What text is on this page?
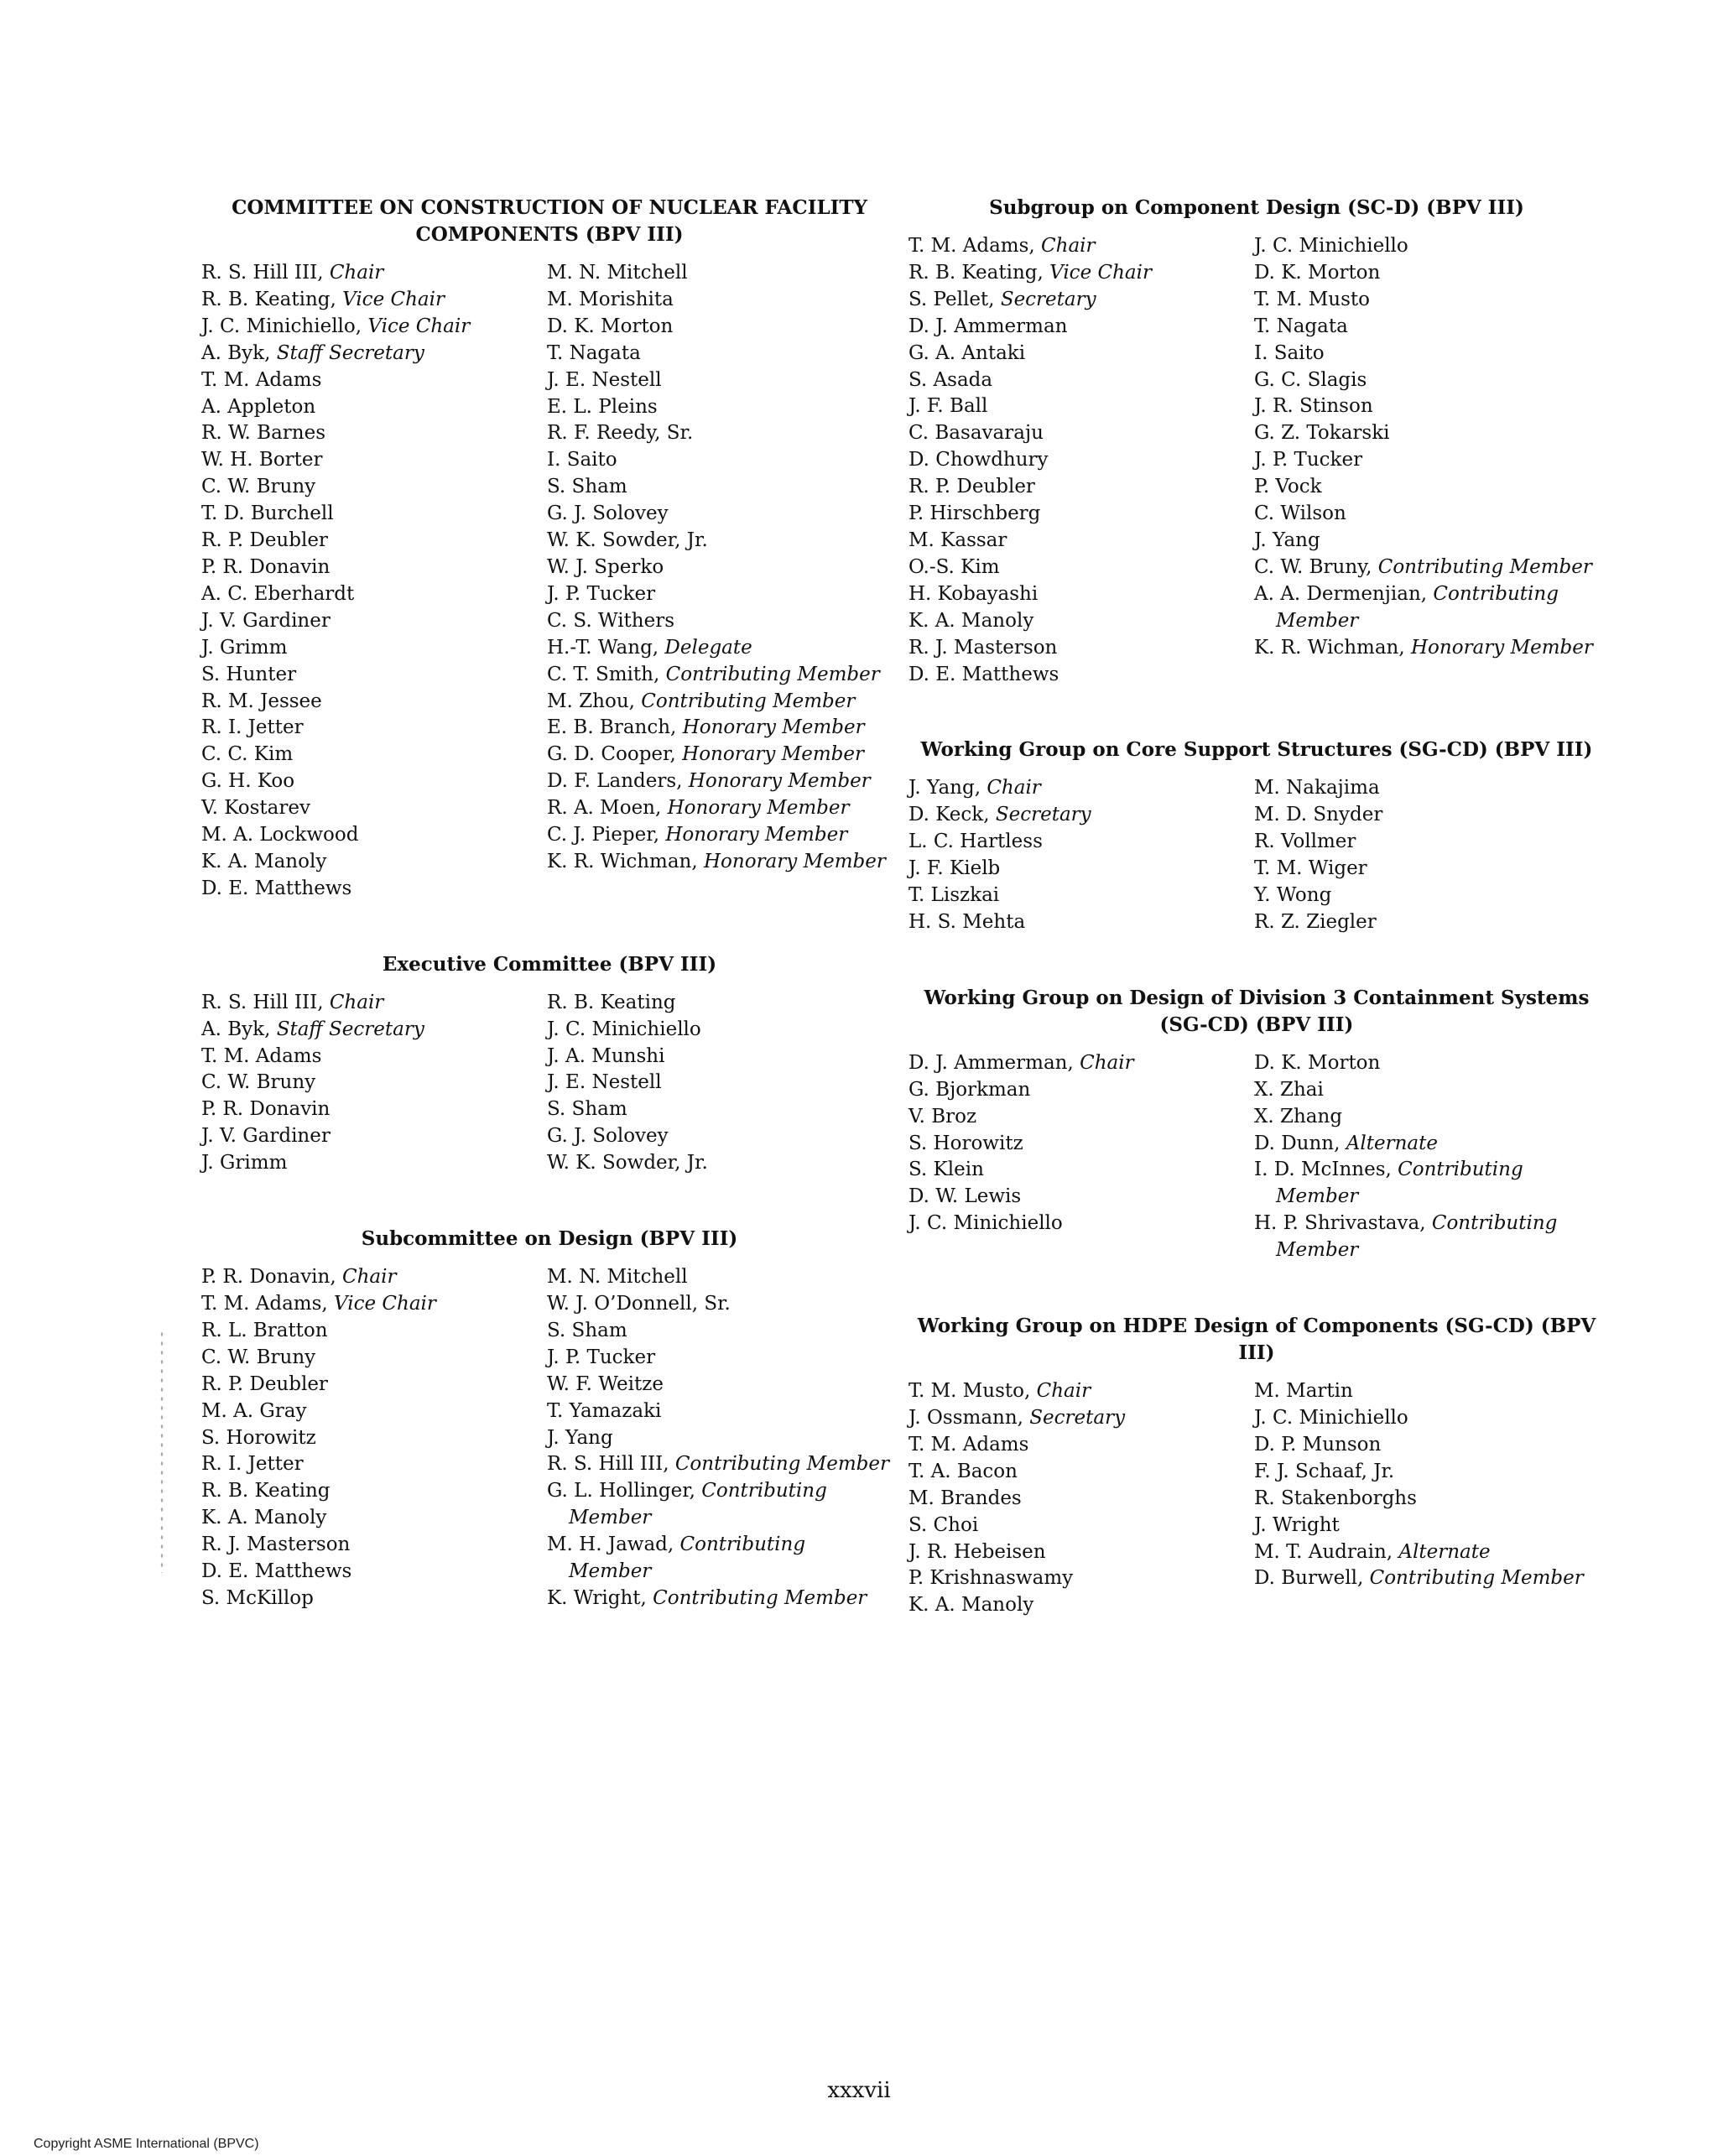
COMMITTEE ON CONSTRUCTION OF NUCLEAR FACILITY COMPONENTS (BPV III)
R. S. Hill III, Chair
R. B. Keating, Vice Chair
J. C. Minichiello, Vice Chair
A. Byk, Staff Secretary
T. M. Adams
A. Appleton
R. W. Barnes
W. H. Borter
C. W. Bruny
T. D. Burchell
R. P. Deubler
P. R. Donavin
A. C. Eberhardt
J. V. Gardiner
J. Grimm
S. Hunter
R. M. Jessee
R. I. Jetter
C. C. Kim
G. H. Koo
V. Kostarev
M. A. Lockwood
K. A. Manoly
D. E. Matthews
M. N. Mitchell
M. Morishita
D. K. Morton
T. Nagata
J. E. Nestell
E. L. Pleins
R. F. Reedy, Sr.
I. Saito
S. Sham
G. J. Solovey
W. K. Sowder, Jr.
W. J. Sperko
J. P. Tucker
C. S. Withers
H.-T. Wang, Delegate
C. T. Smith, Contributing Member
M. Zhou, Contributing Member
E. B. Branch, Honorary Member
G. D. Cooper, Honorary Member
D. F. Landers, Honorary Member
R. A. Moen, Honorary Member
C. J. Pieper, Honorary Member
K. R. Wichman, Honorary Member
Executive Committee (BPV III)
R. S. Hill III, Chair
A. Byk, Staff Secretary
T. M. Adams
C. W. Bruny
P. R. Donavin
J. V. Gardiner
J. Grimm
R. B. Keating
J. C. Minichiello
J. A. Munshi
J. E. Nestell
S. Sham
G. J. Solovey
W. K. Sowder, Jr.
Subcommittee on Design (BPV III)
P. R. Donavin, Chair
T. M. Adams, Vice Chair
R. L. Bratton
C. W. Bruny
R. P. Deubler
M. A. Gray
S. Horowitz
R. I. Jetter
R. B. Keating
K. A. Manoly
R. J. Masterson
D. E. Matthews
S. McKillop
M. N. Mitchell
W. J. O’Donnell, Sr.
S. Sham
J. P. Tucker
W. F. Weitze
T. Yamazaki
J. Yang
R. S. Hill III, Contributing Member
G. L. Hollinger, Contributing Member
M. H. Jawad, Contributing Member
K. Wright, Contributing Member
Subgroup on Component Design (SC-D) (BPV III)
T. M. Adams, Chair
R. B. Keating, Vice Chair
S. Pellet, Secretary
D. J. Ammerman
G. A. Antaki
S. Asada
J. F. Ball
C. Basavaraju
D. Chowdhury
R. P. Deubler
P. Hirschberg
M. Kassar
O.-S. Kim
H. Kobayashi
K. A. Manoly
R. J. Masterson
D. E. Matthews
J. C. Minichiello
D. K. Morton
T. M. Musto
T. Nagata
I. Saito
G. C. Slagis
J. R. Stinson
G. Z. Tokarski
J. P. Tucker
P. Vock
C. Wilson
J. Yang
C. W. Bruny, Contributing Member
A. A. Dermenjian, Contributing Member
K. R. Wichman, Honorary Member
Working Group on Core Support Structures (SG-CD) (BPV III)
J. Yang, Chair
D. Keck, Secretary
L. C. Hartless
J. F. Kielb
T. Liszkai
H. S. Mehta
M. Nakajima
M. D. Snyder
R. Vollmer
T. M. Wiger
Y. Wong
R. Z. Ziegler
Working Group on Design of Division 3 Containment Systems (SG-CD) (BPV III)
D. J. Ammerman, Chair
G. Bjorkman
V. Broz
S. Horowitz
S. Klein
D. W. Lewis
J. C. Minichiello
D. K. Morton
X. Zhai
X. Zhang
D. Dunn, Alternate
I. D. McInnes, Contributing Member
H. P. Shrivastava, Contributing Member
Working Group on HDPE Design of Components (SG-CD) (BPV III)
T. M. Musto, Chair
J. Ossmann, Secretary
T. M. Adams
T. A. Bacon
M. Brandes
S. Choi
J. R. Hebeisen
P. Krishnaswamy
K. A. Manoly
M. Martin
J. C. Minichiello
D. P. Munson
F. J. Schaaf, Jr.
R. Stakenborghs
J. Wright
M. T. Audrain, Alternate
D. Burwell, Contributing Member
xxxvii
Copyright ASME International (BPVC)
